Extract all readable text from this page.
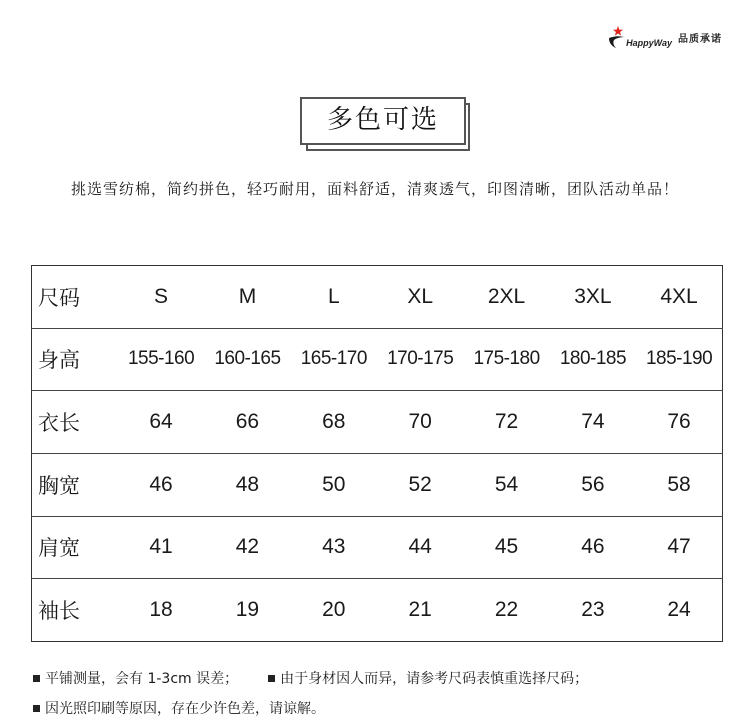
HappyWay 品质承诺
多色可选
挑选雪纺棉，简约拼色，轻巧耐用，面料舒适，清爽透气，印图清晰，团队活动单品！
尺码	S	M	L	XL	2XL	3XL	4XL
身高	155-160	160-165	165-170	170-175	175-180	180-185	185-190
衣长	64	66	68	70	72	74	76
胸宽	46	48	50	52	54	56	58
肩宽	41	42	43	44	45	46	47
袖长	18	19	20	21	22	23	24
平铺测量，会有 1-3cm 误差；	由于身材因人而异，请参考尺码表慎重选择尺码；
因光照印刷等原因，存在少许色差，请谅解。
